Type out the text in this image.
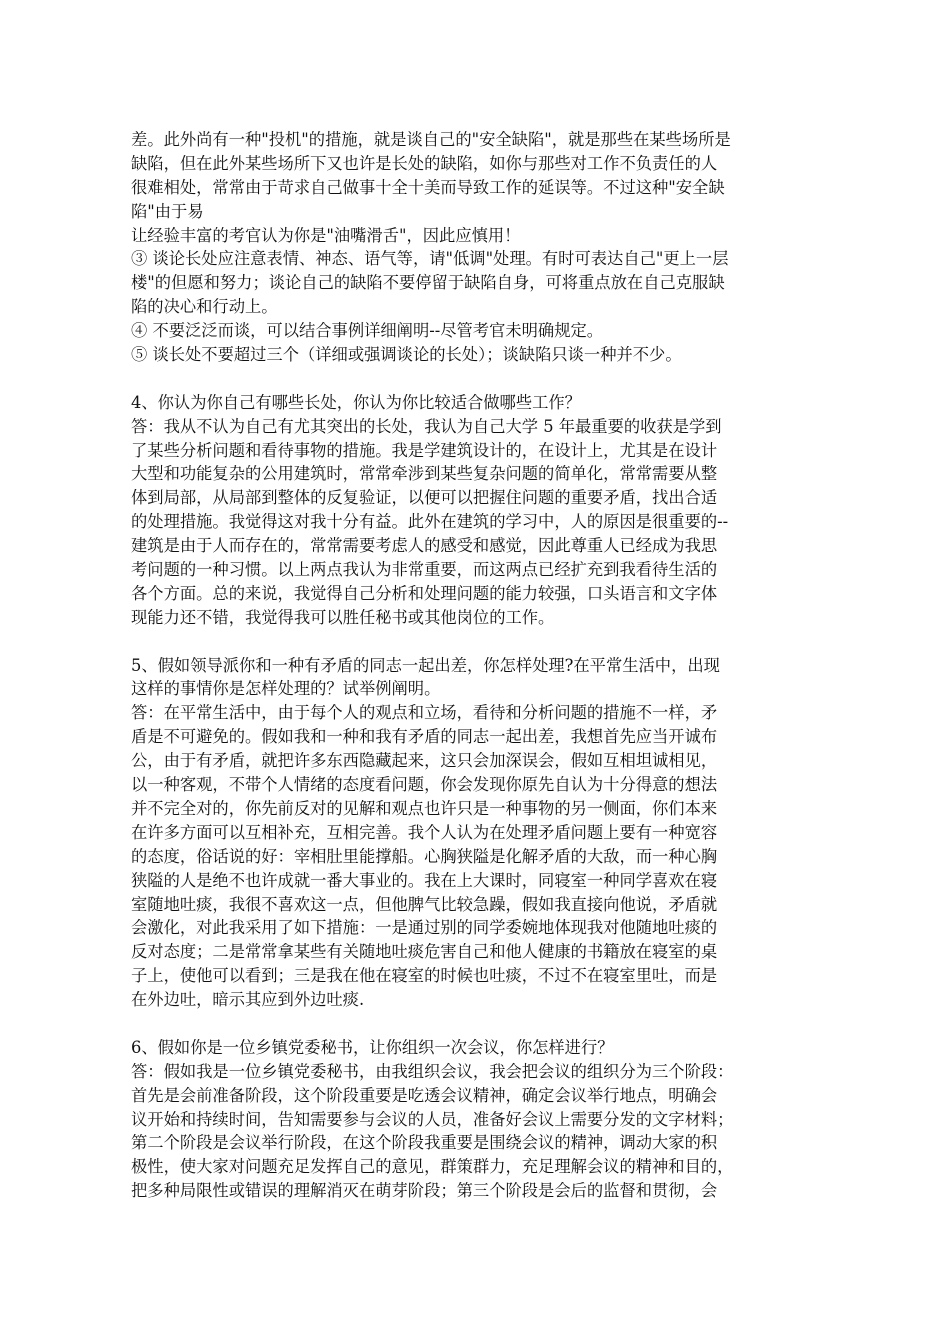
差。此外尚有一种"投机"的措施，就是谈自己的"安全缺陷"，就是那些在某些场所是
缺陷，但在此外某些场所下又也许是长处的缺陷，如你与那些对工作不负责任的人
很难相处，常常由于苛求自己做事十全十美而导致工作的延误等。不过这种"安全缺
陷"由于易
让经验丰富的考官认为你是"油嘴滑舌"，因此应慎用！
③ 谈论长处应注意表情、神态、语气等，请"低调"处理。有时可表达自己"更上一层
楼"的但愿和努力；谈论自己的缺陷不要停留于缺陷自身，可将重点放在自己克服缺
陷的决心和行动上。
④ 不要泛泛而谈，可以结合事例详细阐明--尽管考官未明确规定。
⑤ 谈长处不要超过三个（详细或强调谈论的长处）；谈缺陷只谈一种并不少。
4、你认为你自己有哪些长处，你认为你比较适合做哪些工作？
答：我从不认为自己有尤其突出的长处，我认为自己大学 5 年最重要的收获是学到
了某些分析问题和看待事物的措施。我是学建筑设计的，在设计上，尤其是在设计
大型和功能复杂的公用建筑时，常常牵涉到某些复杂问题的简单化，常常需要从整
体到局部，从局部到整体的反复验证，以便可以把握住问题的重要矛盾，找出合适
的处理措施。我觉得这对我十分有益。此外在建筑的学习中，人的原因是很重要的--
建筑是由于人而存在的，常常需要考虑人的感受和感觉，因此尊重人已经成为我思
考问题的一种习惯。以上两点我认为非常重要，而这两点已经扩充到我看待生活的
各个方面。总的来说，我觉得自己分析和处理问题的能力较强，口头语言和文字体
现能力还不错，我觉得我可以胜任秘书或其他岗位的工作。
5、假如领导派你和一种有矛盾的同志一起出差，你怎样处理?在平常生活中，出现
这样的事情你是怎样处理的？试举例阐明。
答：在平常生活中，由于每个人的观点和立场，看待和分析问题的措施不一样，矛
盾是不可避免的。假如我和一种和我有矛盾的同志一起出差，我想首先应当开诚布
公，由于有矛盾，就把许多东西隐藏起来，这只会加深误会，假如互相坦诚相见，
以一种客观，不带个人情绪的态度看问题，你会发现你原先自认为十分得意的想法
并不完全对的，你先前反对的见解和观点也许只是一种事物的另一侧面，你们本来
在许多方面可以互相补充，互相完善。我个人认为在处理矛盾问题上要有一种宽容
的态度，俗话说的好：宰相肚里能撑船。心胸狭隘是化解矛盾的大敌，而一种心胸
狭隘的人是绝不也许成就一番大事业的。我在上大课时，同寝室一种同学喜欢在寝
室随地吐痰，我很不喜欢这一点，但他脾气比较急躁，假如我直接向他说，矛盾就
会激化，对此我采用了如下措施：一是通过别的同学委婉地体现我对他随地吐痰的
反对态度；二是常常拿某些有关随地吐痰危害自己和他人健康的书籍放在寝室的桌
子上，使他可以看到；三是我在他在寝室的时候也吐痰，不过不在寝室里吐，而是
在外边吐，暗示其应到外边吐痰.
6、假如你是一位乡镇党委秘书，让你组织一次会议，你怎样进行？
答：假如我是一位乡镇党委秘书，由我组织会议，我会把会议的组织分为三个阶段：
首先是会前准备阶段，这个阶段重要是吃透会议精神，确定会议举行地点，明确会
议开始和持续时间，告知需要参与会议的人员，准备好会议上需要分发的文字材料；
第二个阶段是会议举行阶段，在这个阶段我重要是围绕会议的精神，调动大家的积
极性，使大家对问题充足发挥自己的意见，群策群力，充足理解会议的精神和目的，
把多种局限性或错误的理解消灭在萌芽阶段；第三个阶段是会后的监督和贯彻，会
